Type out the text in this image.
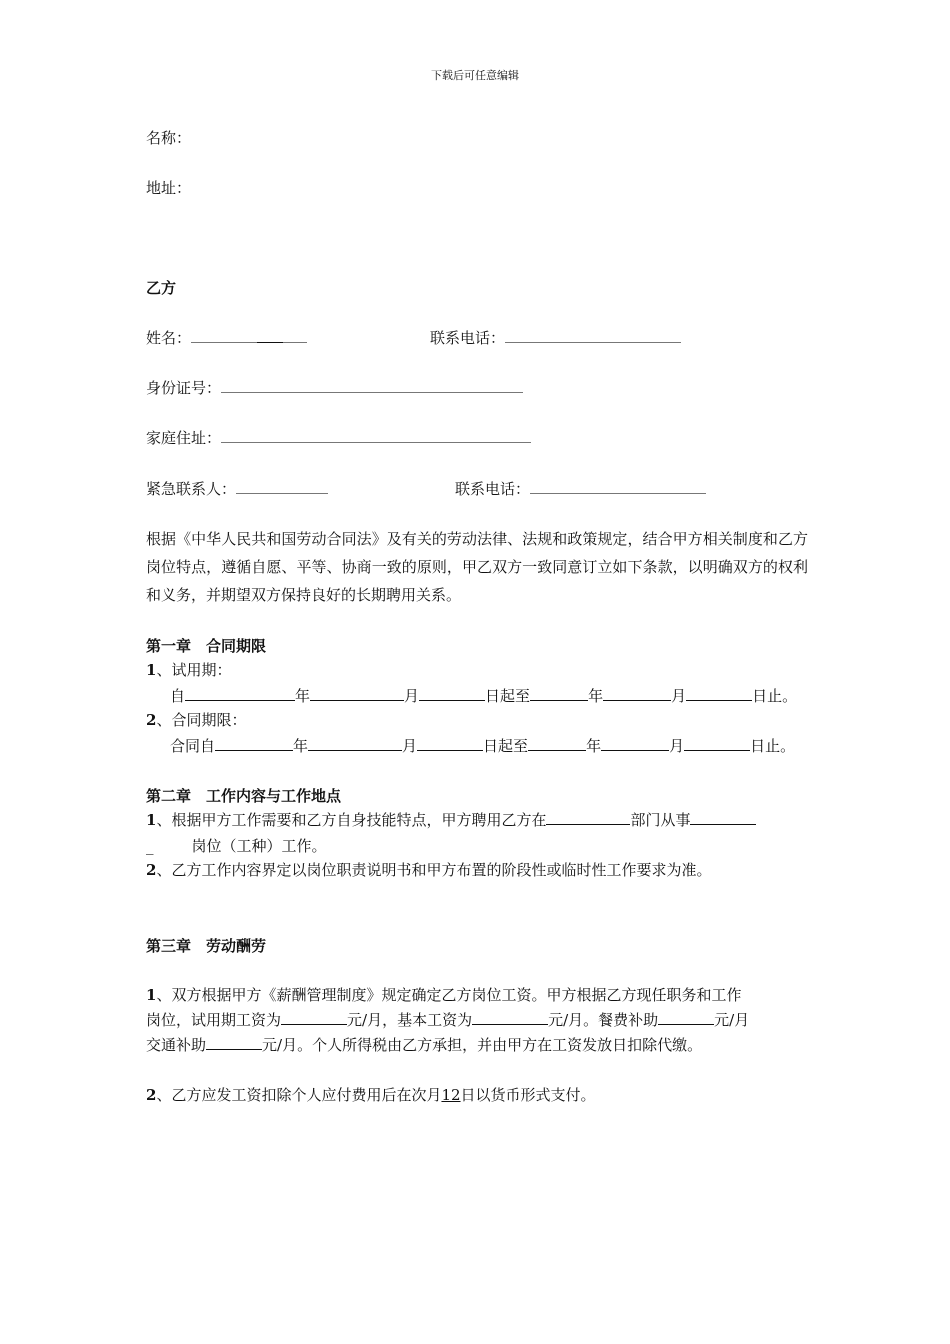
下载后可任意编辑
名称：
地址：
乙方
姓名：	联系电话：
身份证号：
家庭住址：
紧急联系人：	联系电话：
根据《中华人民共和国劳动合同法》及有关的劳动法律、法规和政策规定，结合甲方相关制度和乙方岗位特点，遵循自愿、平等、协商一致的原则，甲乙双方一致同意订立如下条款，以明确双方的权利和义务，并期望双方保持良好的长期聘用关系。
第一章　合同期限
1、试用期：
自	年	月	日起至	年	月	日止。
2、合同期限：
合同自	年	月	日起至	年	月	日止。
第二章　工作内容与工作地点
1、根据甲方工作需要和乙方自身技能特点，甲方聘用乙方在	部门从事
_	岗位（工种）工作。
2、乙方工作内容界定以岗位职责说明书和甲方布置的阶段性或临时性工作要求为准。
第三章　劳动酬劳
1、双方根据甲方《薪酬管理制度》规定确定乙方岗位工资。甲方根据乙方现任职务和工作
岗位，试用期工资为	元/月，基本工资为	元/月。餐费补助	元/月
交通补助	元/月。个人所得税由乙方承担，并由甲方在工资发放日扣除代缴。
2、乙方应发工资扣除个人应付费用后在次月12日以货币形式支付。
